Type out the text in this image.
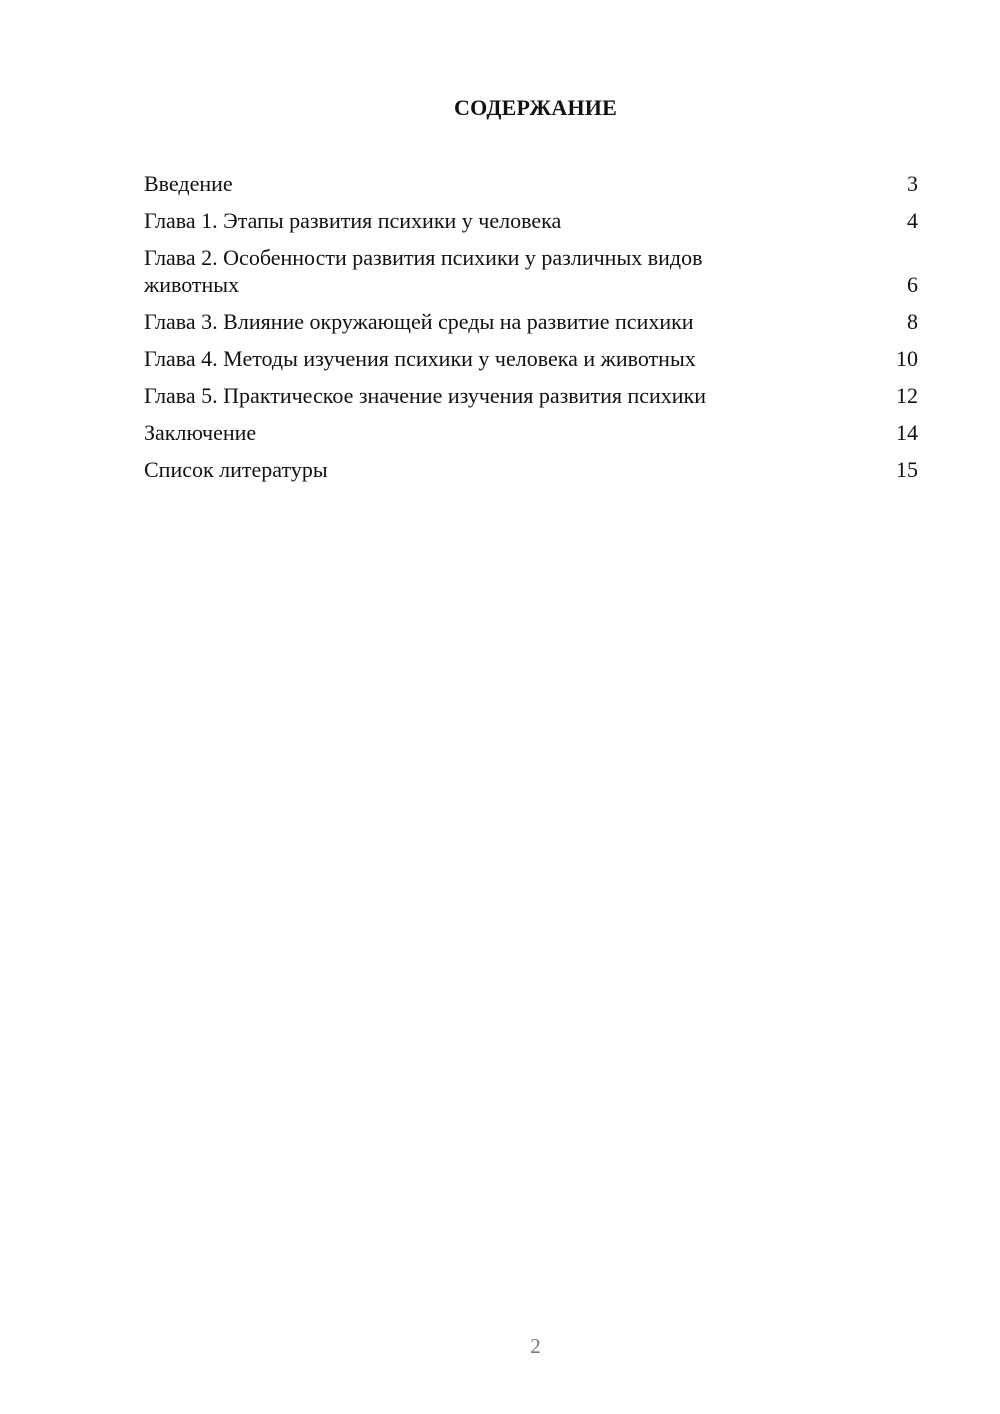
СОДЕРЖАНИЕ
Введение	3
Глава 1. Этапы развития психики у человека	4
Глава 2. Особенности развития психики у различных видов животных	6
Глава 3. Влияние окружающей среды на развитие психики	8
Глава 4. Методы изучения психики у человека и животных	10
Глава 5. Практическое значение изучения развития психики	12
Заключение	14
Список литературы	15
2
